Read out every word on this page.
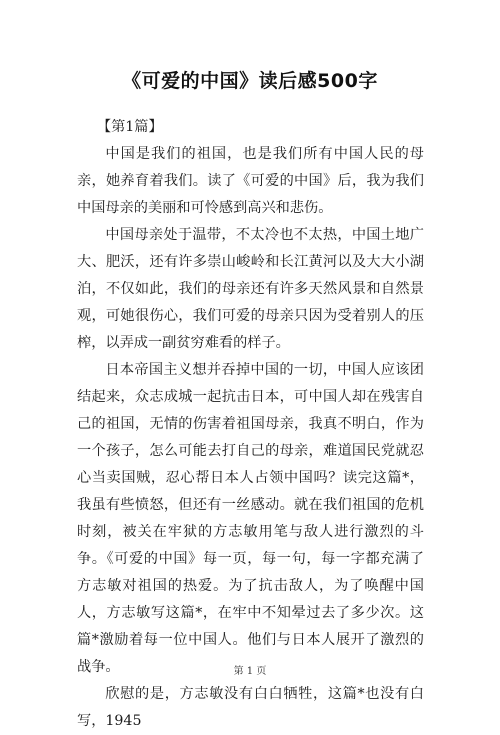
《可爱的中国》读后感500字

【第1篇】

中国是我们的祖国，也是我们所有中国人民的母亲，她养育着我们。读了《可爱的中国》后，我为我们中国母亲的美丽和可怜感到高兴和悲伤。

中国母亲处于温带，不太冷也不太热，中国土地广大、肥沃，还有许多崇山峻岭和长江黄河以及大大小湖泊，不仅如此，我们的母亲还有许多天然风景和自然景观，可她很伤心，我们可爱的母亲只因为受着别人的压榨，以弄成一副贫穷难看的样子。

日本帝国主义想并吞掉中国的一切，中国人应该团结起来，众志成城一起抗击日本，可中国人却在残害自己的祖国，无情的伤害着祖国母亲，我真不明白，作为一个孩子，怎么可能去打自己的母亲，难道国民党就忍心当卖国贼，忍心帮日本人占领中国吗？读完这篇*，我虽有些愤怒，但还有一丝感动。就在我们祖国的危机时刻，被关在牢狱的方志敏用笔与敌人进行激烈的斗争。《可爱的中国》每一页，每一句，每一字都充满了方志敏对祖国的热爱。为了抗击敌人，为了唤醒中国人，方志敏写这篇*，在牢中不知晕过去了多少次。这篇*激励着每一位中国人。他们与日本人展开了激烈的战争。

欣慰的是，方志敏没有白白牺牲，这篇*也没有白写，1945

第 1 页
